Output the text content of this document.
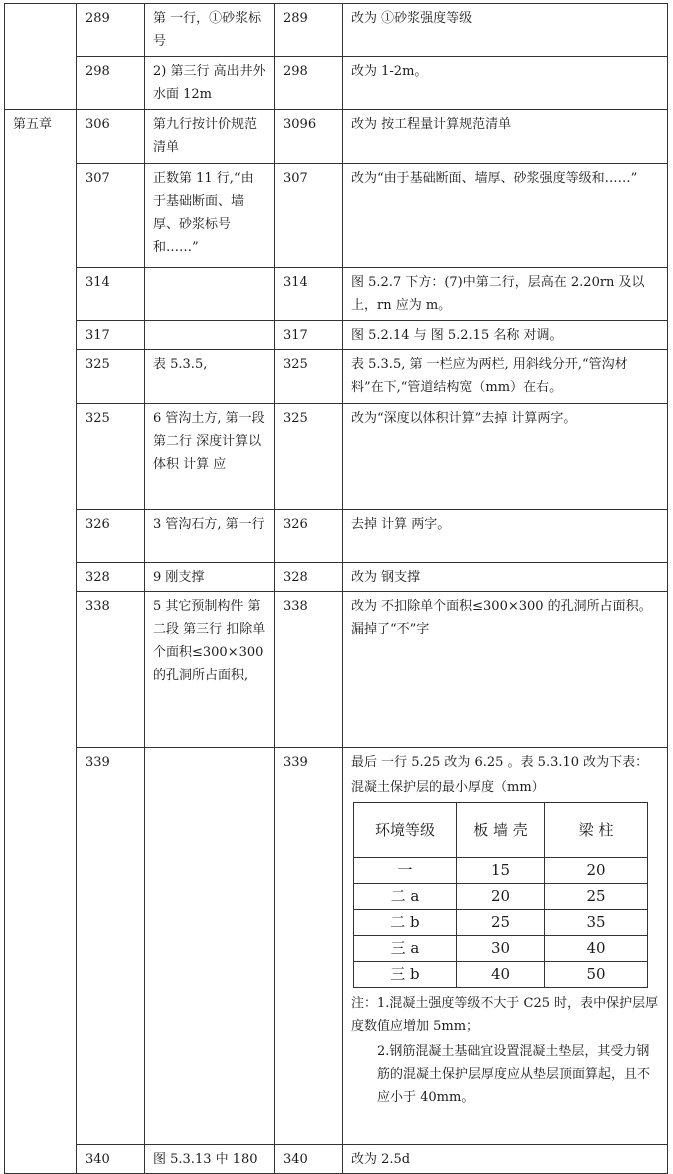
	289	第 一行，①砂浆标号	289	改为 ①砂浆强度等级
298	2) 第三行 高出井外水面 12m	298	改为 1-2m。
第五章	306	第九行按计价规范清单	3096	改为 按工程量计算规范清单
307	正数第 11 行,“由于基础断面、墙厚、砂浆标号和……”	307	改为“由于基础断面、墙厚、砂浆强度等级和……”
314		314	图 5.2.7 下方：(7)中第二行，层高在 2.20rn 及以上，rn 应为 m。
317		317	图 5.2.14 与 图 5.2.15 名称 对调。
325	表 5.3.5,	325	表 5.3.5, 第 一栏应为两栏, 用斜线分开,“管沟材料”在下,“管道结构宽（mm）在右。
325	6 管沟土方, 第一段 第二行 深度计算以体积 计算 应	325	改为“深度以体积计算”去掉 计算两字。
326	3 管沟石方, 第一行	326	去掉 计算 两字。
328	9 刚支撑	328	改为 钢支撑
338	5 其它预制构件 第二段 第三行 扣除单个面积≤300×300 的孔洞所占面积,	338	改为 不扣除单个面积≤300×300 的孔洞所占面积。漏掉了“不”字
339		339	最后 一行 5.25 改为 6.25 。表 5.3.10 改为下表：
混凝土保护层的最小厚度（mm）
环境等级	板 墙 壳	梁 柱
一	15	20
二 a	20	25
二 b	25	35
三 a	30	40
三 b	40	50
注：1.混凝土强度等级不大于 C25 时，表中保护层厚度数值应增加 5mm；
2.钢筋混凝土基础宜设置混凝土垫层，其受力钢筋的混凝土保护层厚度应从垫层顶面算起，且不应小于 40mm。

340	图 5.3.13 中 180	340	改为 2.5d
